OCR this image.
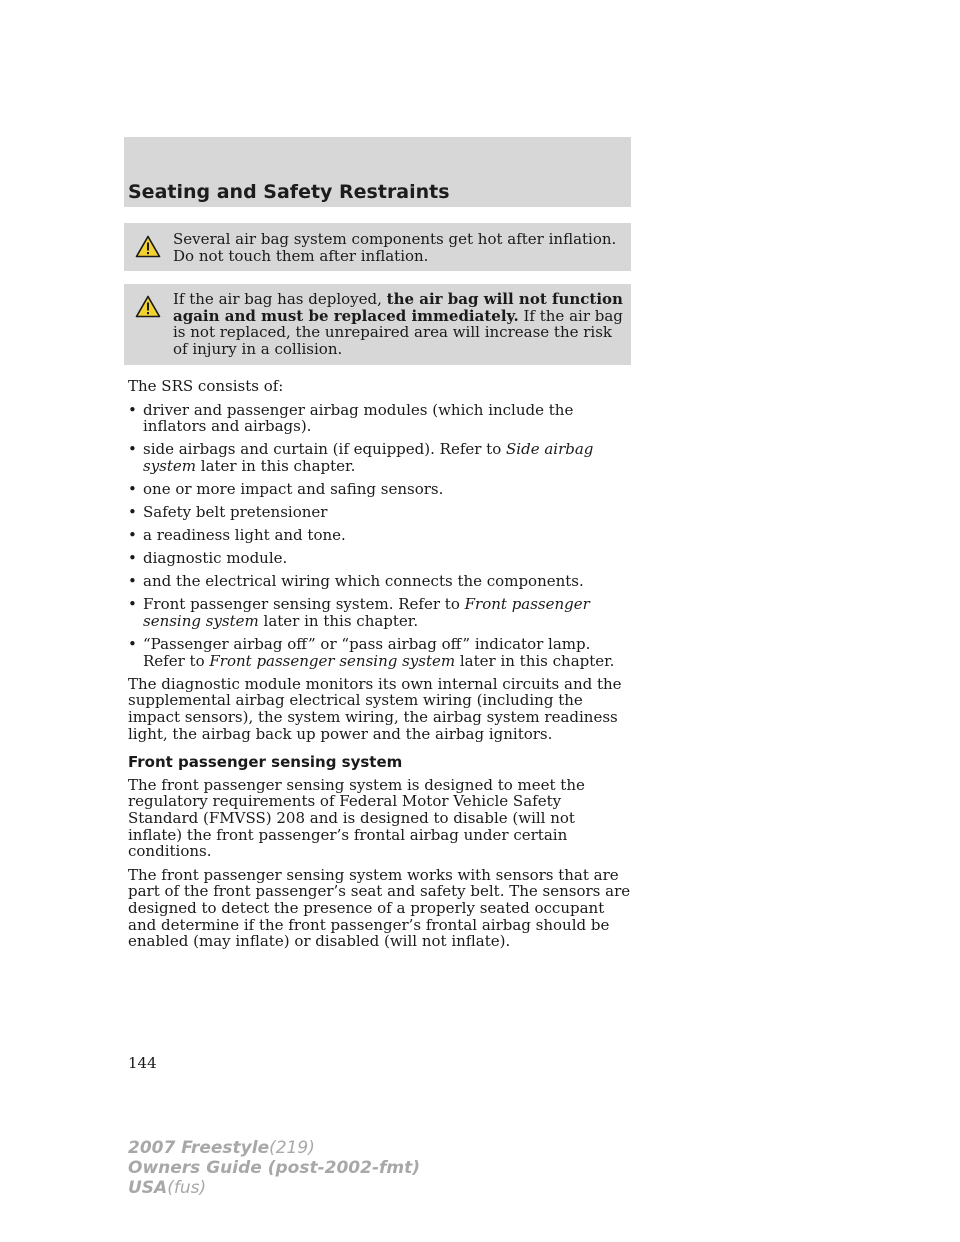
Seating and Safety Restraints
Several air bag system components get hot after inflation. Do not touch them after inflation.
If the air bag has deployed, the air bag will not function again and must be replaced immediately. If the air bag is not replaced, the unrepaired area will increase the risk of injury in a collision.

The SRS consists of:

• driver and passenger airbag modules (which include the inflators and airbags).
• side airbags and curtain (if equipped). Refer to Side airbag system later in this chapter.
• one or more impact and safing sensors.
• Safety belt pretensioner
• a readiness light and tone.
• diagnostic module.
• and the electrical wiring which connects the components.
• Front passenger sensing system. Refer to Front passenger sensing system later in this chapter.
• “Passenger airbag off” or “pass airbag off” indicator lamp. Refer to Front passenger sensing system later in this chapter.

The diagnostic module monitors its own internal circuits and the supplemental airbag electrical system wiring (including the impact sensors), the system wiring, the airbag system readiness light, the airbag back up power and the airbag ignitors.

Front passenger sensing system

The front passenger sensing system is designed to meet the regulatory requirements of Federal Motor Vehicle Safety Standard (FMVSS) 208 and is designed to disable (will not inflate) the front passenger’s frontal airbag under certain conditions.

The front passenger sensing system works with sensors that are part of the front passenger’s seat and safety belt. The sensors are designed to detect the presence of a properly seated occupant and determine if the front passenger’s frontal airbag should be enabled (may inflate) or disabled (will not inflate).

144
2007 Freestyle(219)
Owners Guide (post-2002-fmt)
USA(fus)
